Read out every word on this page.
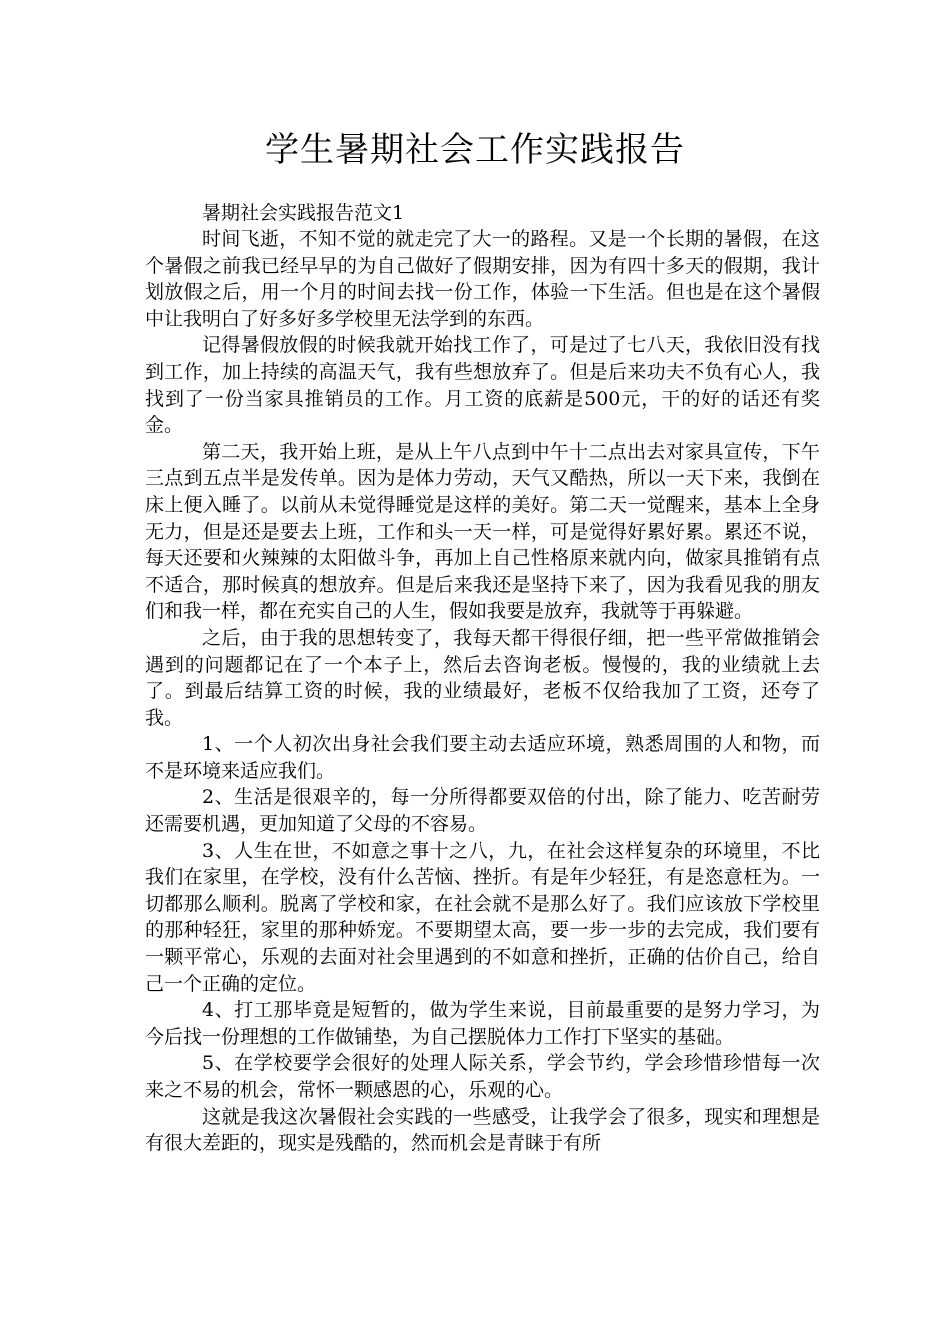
学生暑期社会工作实践报告

暑期社会实践报告范文1

时间飞逝，不知不觉的就走完了大一的路程。又是一个长期的暑假，在这个暑假之前我已经早早的为自己做好了假期安排，因为有四十多天的假期，我计划放假之后，用一个月的时间去找一份工作，体验一下生活。但也是在这个暑假中让我明白了好多好多学校里无法学到的东西。

记得暑假放假的时候我就开始找工作了，可是过了七八天，我依旧没有找到工作，加上持续的高温天气，我有些想放弃了。但是后来功夫不负有心人，我找到了一份当家具推销员的工作。月工资的底薪是500元，干的好的话还有奖金。

第二天，我开始上班，是从上午八点到中午十二点出去对家具宣传，下午三点到五点半是发传单。因为是体力劳动，天气又酷热，所以一天下来，我倒在床上便入睡了。以前从未觉得睡觉是这样的美好。第二天一觉醒来，基本上全身无力，但是还是要去上班，工作和头一天一样，可是觉得好累好累。累还不说，每天还要和火辣辣的太阳做斗争，再加上自己性格原来就内向，做家具推销有点不适合，那时候真的想放弃。但是后来我还是坚持下来了，因为我看见我的朋友们和我一样，都在充实自己的人生，假如我要是放弃，我就等于再躲避。

之后，由于我的思想转变了，我每天都干得很仔细，把一些平常做推销会遇到的问题都记在了一个本子上，然后去咨询老板。慢慢的，我的业绩就上去了。到最后结算工资的时候，我的业绩最好，老板不仅给我加了工资，还夸了我。

1、一个人初次出身社会我们要主动去适应环境，熟悉周围的人和物，而不是环境来适应我们。

2、生活是很艰辛的，每一分所得都要双倍的付出，除了能力、吃苦耐劳还需要机遇，更加知道了父母的不容易。

3、人生在世，不如意之事十之八，九，在社会这样复杂的环境里，不比我们在家里，在学校，没有什么苦恼、挫折。有是年少轻狂，有是恣意枉为。一切都那么顺利。脱离了学校和家，在社会就不是那么好了。我们应该放下学校里的那种轻狂，家里的那种娇宠。不要期望太高，要一步一步的去完成，我们要有一颗平常心，乐观的去面对社会里遇到的不如意和挫折，正确的估价自己，给自己一个正确的定位。

4、打工那毕竟是短暂的，做为学生来说，目前最重要的是努力学习，为今后找一份理想的工作做铺垫，为自己摆脱体力工作打下坚实的基础。

5、在学校要学会很好的处理人际关系，学会节约，学会珍惜珍惜每一次来之不易的机会，常怀一颗感恩的心，乐观的心。

这就是我这次暑假社会实践的一些感受，让我学会了很多，现实和理想是有很大差距的，现实是残酷的，然而机会是青睐于有所
